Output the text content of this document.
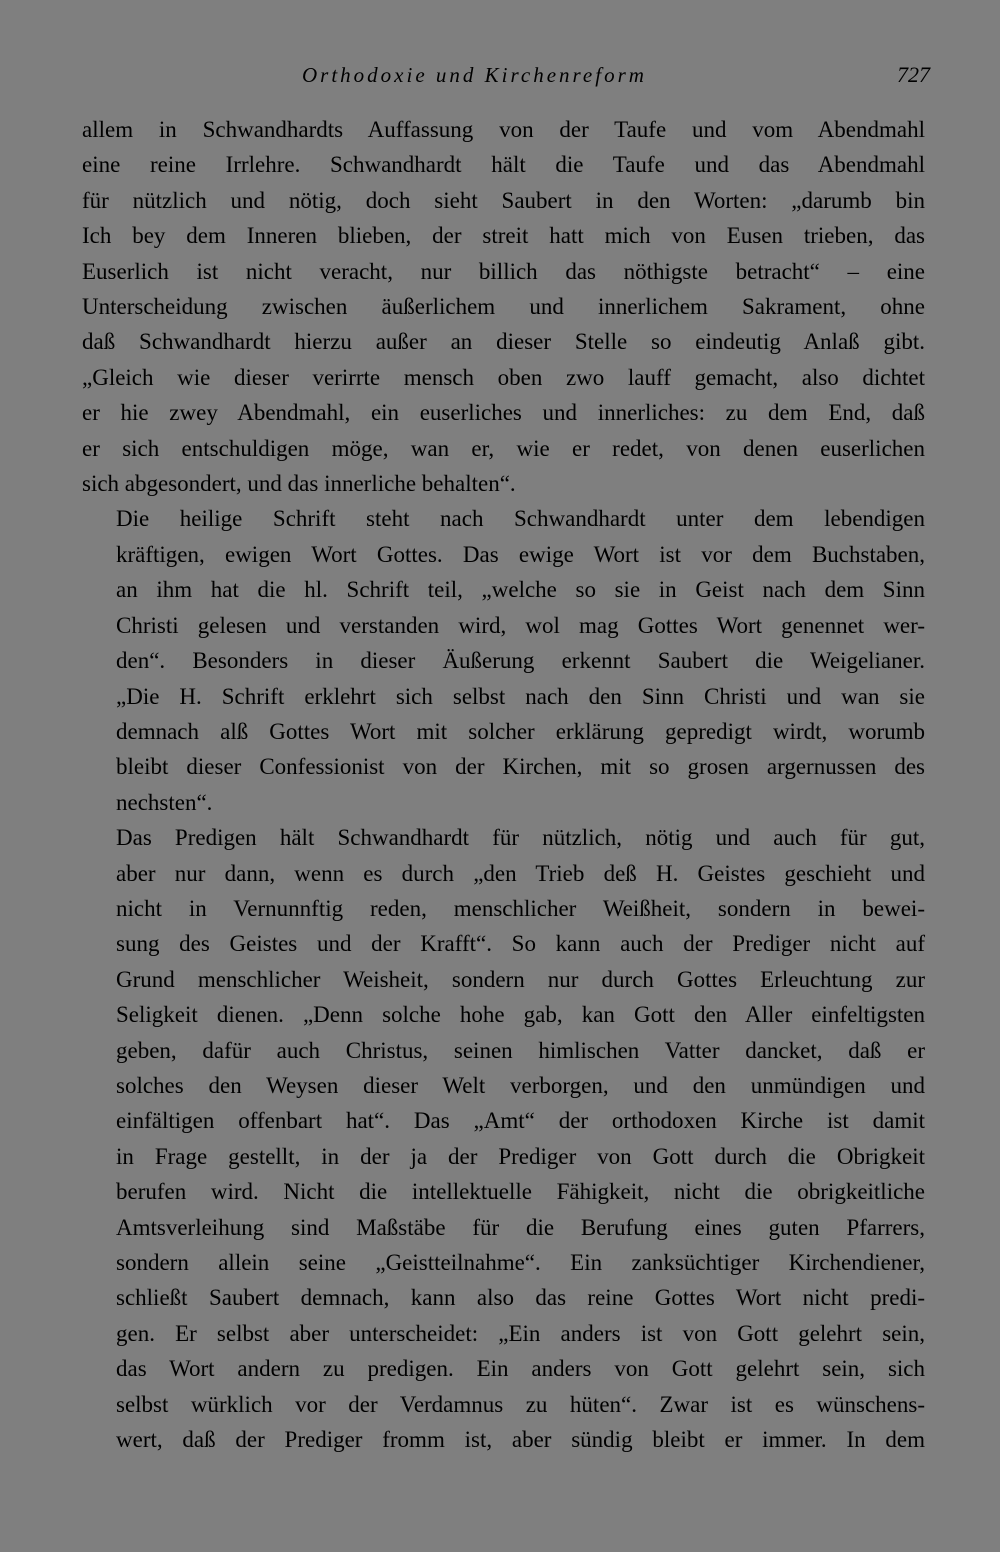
Orthodoxie und Kirchenreform	727

allem in Schwandhardts Auffassung von der Taufe und vom Abendmahl
eine reine Irrlehre. Schwandhardt hält die Taufe und das Abendmahl
für nützlich und nötig, doch sieht Saubert in den Worten: „darumb bin
Ich bey dem Inneren blieben, der streit hatt mich von Eusen trieben, das
Euserlich ist nicht veracht, nur billich das nöthigste betracht“ – eine
Unterscheidung zwischen äußerlichem und innerlichem Sakrament, ohne
daß Schwandhardt hierzu außer an dieser Stelle so eindeutig Anlaß gibt.
„Gleich wie dieser verirrte mensch oben zwo lauff gemacht, also dichtet
er hie zwey Abendmahl, ein euserliches und innerliches: zu dem End, daß
er sich entschuldigen möge, wan er, wie er redet, von denen euserlichen
sich abgesondert, und das innerliche behalten“.

Die heilige Schrift steht nach Schwandhardt unter dem lebendigen
kräftigen, ewigen Wort Gottes. Das ewige Wort ist vor dem Buchstaben,
an ihm hat die hl. Schrift teil, „welche so sie in Geist nach dem Sinn
Christi gelesen und verstanden wird, wol mag Gottes Wort genennet wer-
den“. Besonders in dieser Äußerung erkennt Saubert die Weigelianer.
„Die H. Schrift erklehrt sich selbst nach den Sinn Christi und wan sie
demnach alß Gottes Wort mit solcher erklärung gepredigt wirdt, worumb
bleibt dieser Confessionist von der Kirchen, mit so grosen argernussen des
nechsten“.

Das Predigen hält Schwandhardt für nützlich, nötig und auch für gut,
aber nur dann, wenn es durch „den Trieb deß H. Geistes geschieht und
nicht in Vernunnftig reden, menschlicher Weißheit, sondern in bewei-
sung des Geistes und der Krafft“. So kann auch der Prediger nicht auf
Grund menschlicher Weisheit, sondern nur durch Gottes Erleuchtung zur
Seligkeit dienen. „Denn solche hohe gab, kan Gott den Aller einfeltigsten
geben, dafür auch Christus, seinen himlischen Vatter dancket, daß er
solches den Weysen dieser Welt verborgen, und den unmündigen und
einfältigen offenbart hat“. Das „Amt“ der orthodoxen Kirche ist damit
in Frage gestellt, in der ja der Prediger von Gott durch die Obrigkeit
berufen wird. Nicht die intellektuelle Fähigkeit, nicht die obrigkeitliche
Amtsverleihung sind Maßstäbe für die Berufung eines guten Pfarrers,
sondern allein seine „Geistteilnahme“. Ein zanksüchtiger Kirchendiener,
schließt Saubert demnach, kann also das reine Gottes Wort nicht predi-
gen. Er selbst aber unterscheidet: „Ein anders ist von Gott gelehrt sein,
das Wort andern zu predigen. Ein anders von Gott gelehrt sein, sich
selbst würklich vor der Verdamnus zu hüten“. Zwar ist es wünschens-
wert, daß der Prediger fromm ist, aber sündig bleibt er immer. In dem
